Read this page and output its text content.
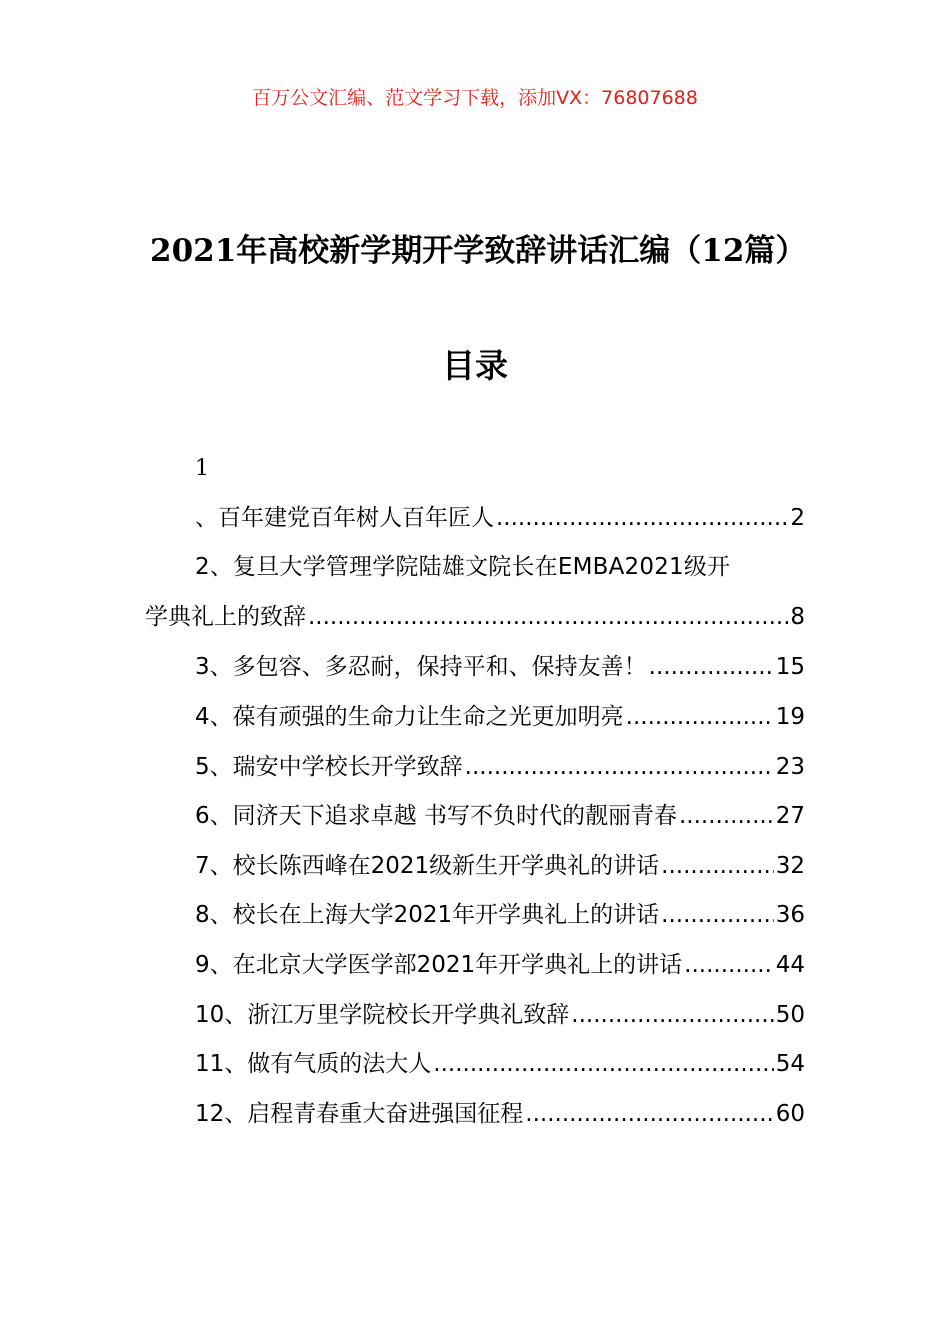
百万公文汇编、范文学习下载，添加VX：76807688
2021年高校新学期开学致辞讲话汇编（12篇）
目录
1
、百年建党百年树人百年匠人 .....	2
2、复旦大学管理学院陆雄文院长在EMBA2021级开
学典礼上的致辞 .....	8
3、多包容、多忍耐，保持平和、保持友善！ .....	15
4、葆有顽强的生命力让生命之光更加明亮 .....	19
5、瑞安中学校长开学致辞 .....	23
6、同济天下追求卓越 书写不负时代的靓丽青春 .....	27
7、校长陈西峰在2021级新生开学典礼的讲话 .....	32
8、校长在上海大学2021年开学典礼上的讲话 .....	36
9、在北京大学医学部2021年开学典礼上的讲话 .....	44
10、浙江万里学院校长开学典礼致辞 .....	50
11、做有气质的法大人 .....	54
12、启程青春重大奋进强国征程 .....	60
